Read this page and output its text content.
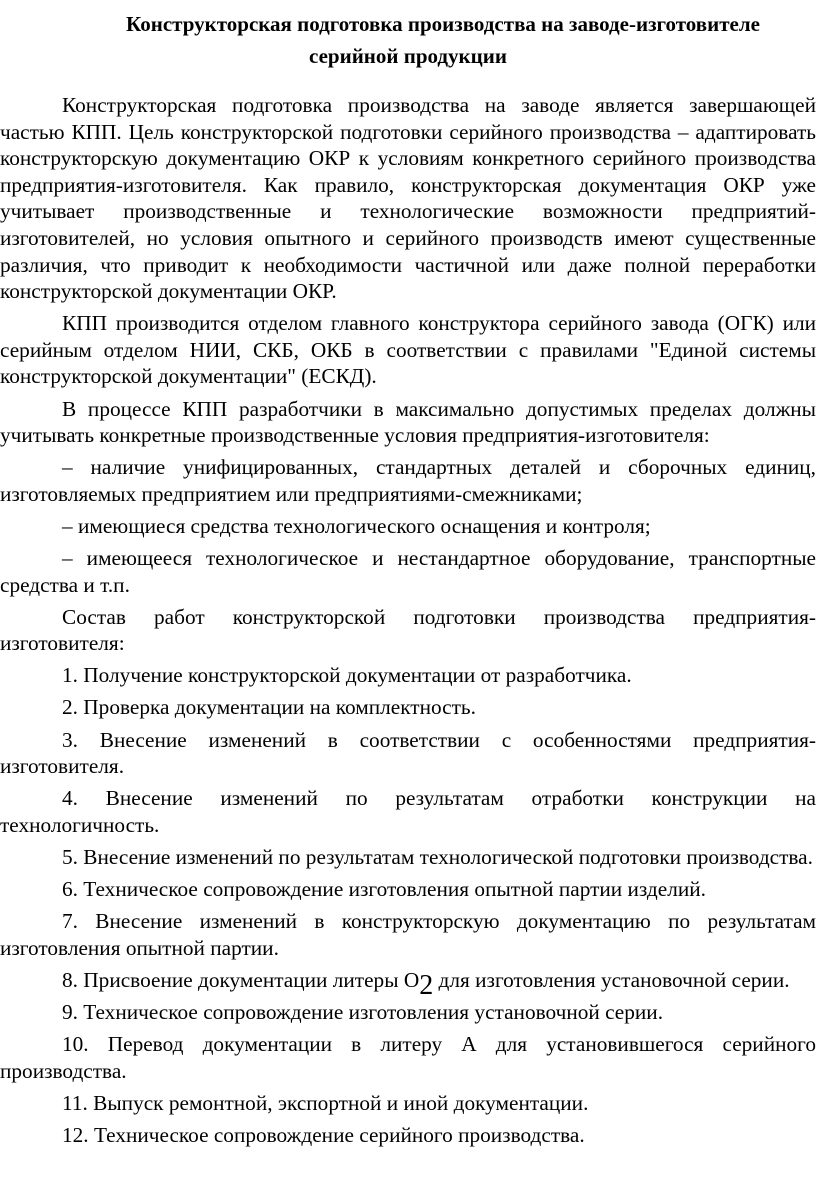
Конструкторская подготовка производства на заводе-изготовителе
серийной продукции

Конструкторская подготовка производства на заводе является завершающей частью КПП. Цель конструкторской подготовки серийного производства – адаптировать конструкторскую документацию ОКР к условиям конкретного серийного производства предприятия-изготовителя. Как правило, конструкторская документация ОКР уже учитывает производственные и технологические возможности предприятий-изготовителей, но условия опытного и серийного производств имеют существенные различия, что приводит к необходимости частичной или даже полной переработки конструкторской документации ОКР.

КПП производится отделом главного конструктора серийного завода (ОГК) или серийным отделом НИИ, СКБ, ОКБ в соответствии с правилами "Единой системы конструкторской документации" (ЕСКД).

В процессе КПП разработчики в максимально допустимых пределах должны учитывать конкретные производственные условия предприятия-изготовителя:

– наличие унифицированных, стандартных деталей и сборочных единиц, изготовляемых предприятием или предприятиями-смежниками;

– имеющиеся средства технологического оснащения и контроля;

– имеющееся технологическое и нестандартное оборудование, транспортные средства и т.п.

Состав работ конструкторской подготовки производства предприятия-изготовителя:

1. Получение конструкторской документации от разработчика.

2. Проверка документации на комплектность.

3. Внесение изменений в соответствии с особенностями предприятия-изготовителя.

4. Внесение изменений по результатам отработки конструкции на технологичность.

5. Внесение изменений по результатам технологической подготовки производства.

6. Техническое сопровождение изготовления опытной партии изделий.

7. Внесение изменений в конструкторскую документацию по результатам изготовления опытной партии.

8. Присвоение документации литеры О2 для изготовления установочной серии.

9. Техническое сопровождение изготовления установочной серии.

10. Перевод документации в литеру А для установившегося серийного производства.

11. Выпуск ремонтной, экспортной и иной документации.

12. Техническое сопровождение серийного производства.
